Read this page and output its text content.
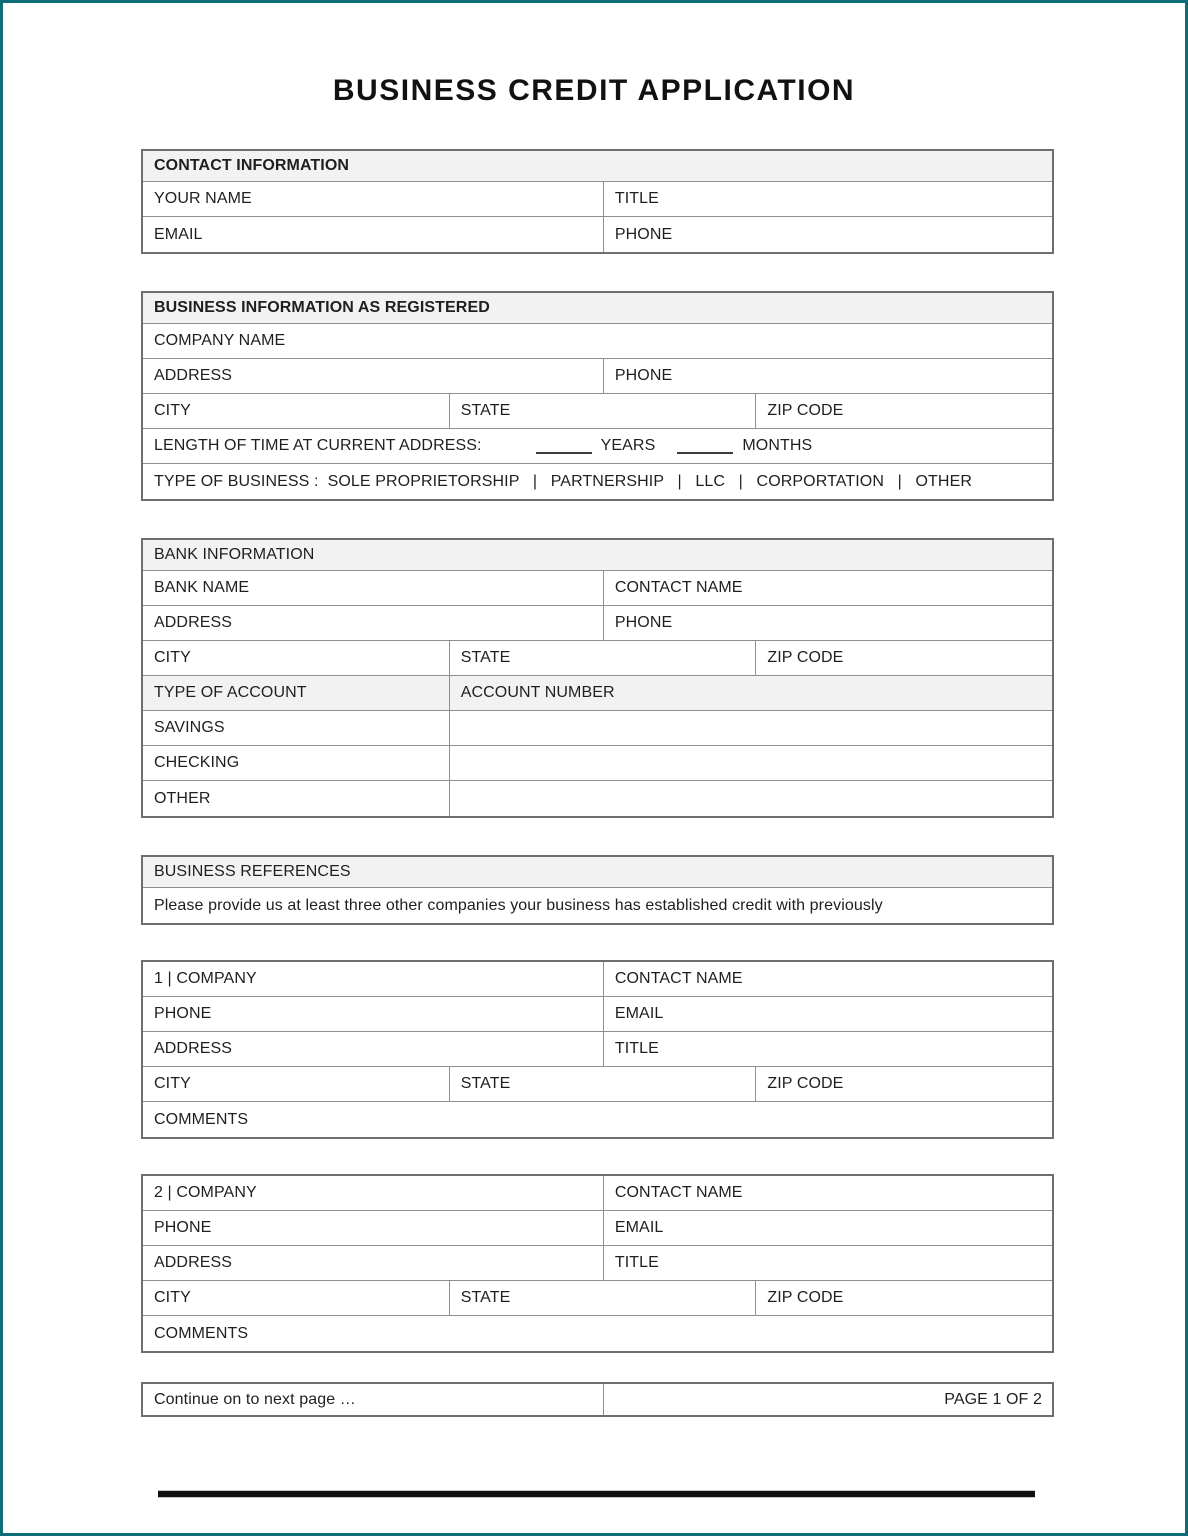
BUSINESS CREDIT APPLICATION
CONTACT INFORMATION
YOUR NAME	TITLE
EMAIL	PHONE
BUSINESS INFORMATION AS REGISTERED
COMPANY NAME
ADDRESS	PHONE
CITY	STATE	ZIP CODE
LENGTH OF TIME AT CURRENT ADDRESS:	YEARS	MONTHS
TYPE OF BUSINESS :  SOLE PROPRIETORSHIP   |   PARTNERSHIP   |   LLC   |   CORPORTATION   |   OTHER
BANK INFORMATION
BANK NAME	CONTACT NAME
ADDRESS	PHONE
CITY	STATE	ZIP CODE
TYPE OF ACCOUNT	ACCOUNT NUMBER
SAVINGS
CHECKING
OTHER
BUSINESS REFERENCES
Please provide us at least three other companies your business has established credit with previously
1 | COMPANY	CONTACT NAME
PHONE	EMAIL
ADDRESS	TITLE
CITY	STATE	ZIP CODE
COMMENTS
2 | COMPANY	CONTACT NAME
PHONE	EMAIL
ADDRESS	TITLE
CITY	STATE	ZIP CODE
COMMENTS
Continue on to next page …	PAGE 1 OF 2
